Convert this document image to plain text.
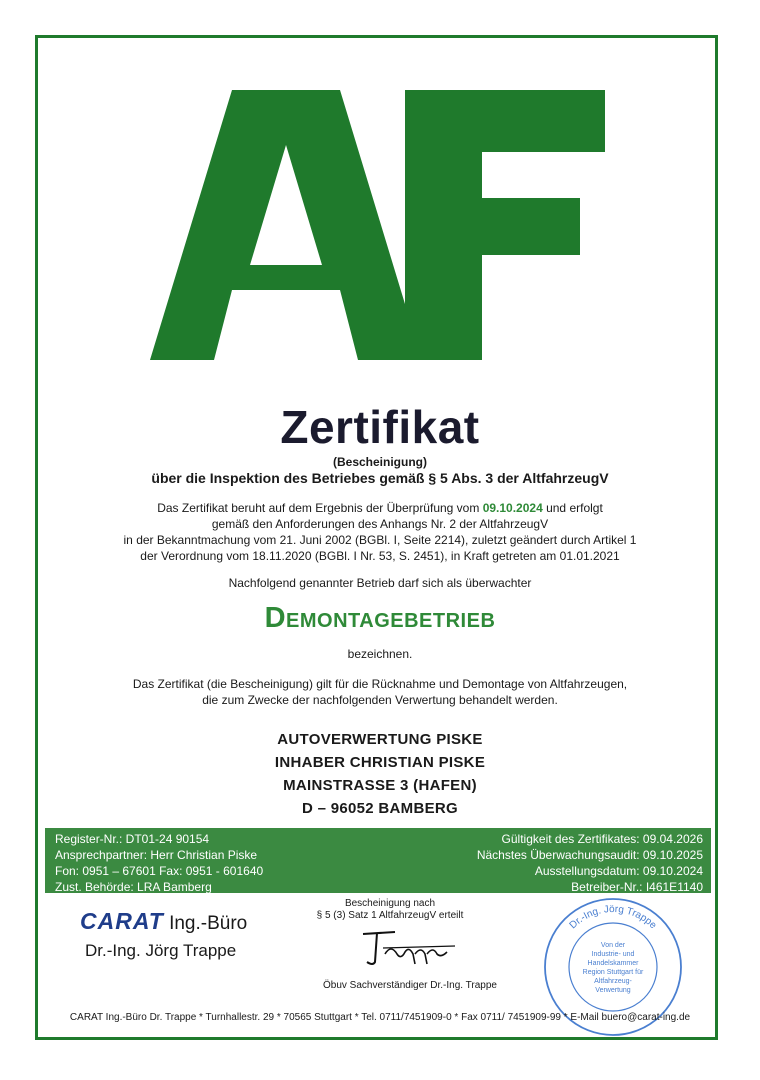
Zertifikat
(Bescheinigung)
über die Inspektion des Betriebes gemäß § 5 Abs. 3 der AltfahrzeugV
Das Zertifikat beruht auf dem Ergebnis der Überprüfung vom 09.10.2024 und erfolgt
gemäß den Anforderungen des Anhangs Nr. 2 der AltfahrzeugV
in der Bekanntmachung vom 21. Juni 2002 (BGBl. I, Seite 2214), zuletzt geändert durch Artikel 1
der Verordnung vom 18.11.2020 (BGBl. I Nr. 53, S. 2451), in Kraft getreten am 01.01.2021
Nachfolgend genannter Betrieb darf sich als überwachter
Demontagebetrieb
bezeichnen.
Das Zertifikat (die Bescheinigung) gilt für die Rücknahme und Demontage von Altfahrzeugen,
die zum Zwecke der nachfolgenden Verwertung behandelt werden.
AUTOVERWERTUNG PISKE
INHABER CHRISTIAN PISKE
MAINSTRASSE 3 (HAFEN)
D – 96052 BAMBERG
Register-Nr.: DT01-24 90154
Ansprechpartner: Herr Christian Piske
Fon: 0951 – 67601 Fax: 0951 - 601640
Zust. Behörde: LRA Bamberg
Gültigkeit des Zertifikates: 09.04.2026
Nächstes Überwachungsaudit: 09.10.2025
Ausstellungsdatum: 09.10.2024
Betreiber-Nr.: I461E1140
CARAT Ing.-Büro
Dr.-Ing. Jörg Trappe
Bescheinigung nach
§ 5 (3) Satz 1 AltfahrzeugV erteilt
Öbuv Sachverständiger Dr.-Ing. Trappe
Dr.-Ing. Jörg Trappe
Von der
Industrie- und
Handelskammer
Region Stuttgart für
Altfahrzeug-
Verwertung
CARAT Ing.-Büro Dr. Trappe * Turnhallestr. 29 * 70565 Stuttgart * Tel. 0711/7451909-0 * Fax 0711/ 7451909-99 * E-Mail buero@carat-ing.de
